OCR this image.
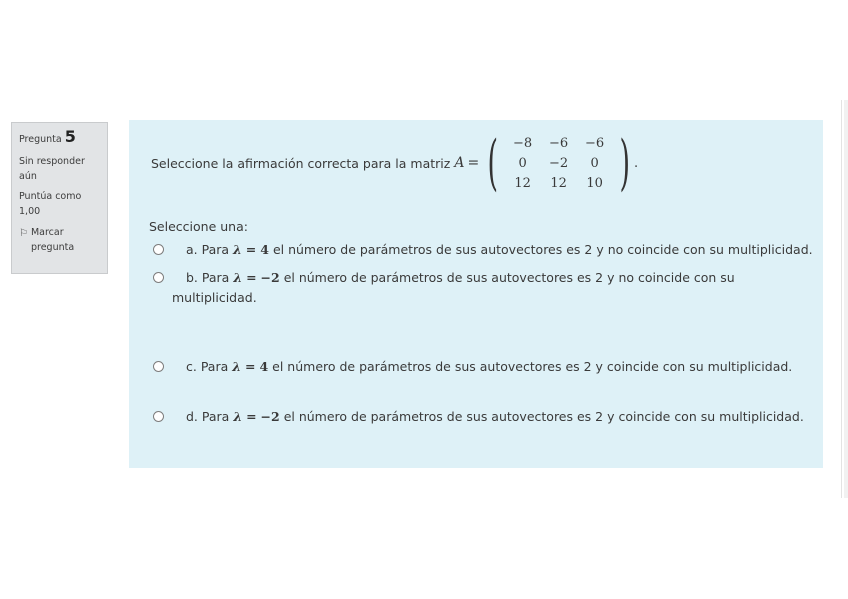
Pregunta 5
Sin responder aún
Puntúa como 1,00
⚐ Marcar pregunta
Seleccione la afirmación correcta para la matriz A = (	−8	−6	−6
0	−2	0
12	12	10 ) .
Seleccione una:
a. Para λ = 4 el número de parámetros de sus autovectores es 2 y no coincide con su multiplicidad.
b. Para λ = −2 el número de parámetros de sus autovectores es 2 y no coincide con su
multiplicidad.
c. Para λ = 4 el número de parámetros de sus autovectores es 2 y coincide con su multiplicidad.
d. Para λ = −2 el número de parámetros de sus autovectores es 2 y coincide con su multiplicidad.
